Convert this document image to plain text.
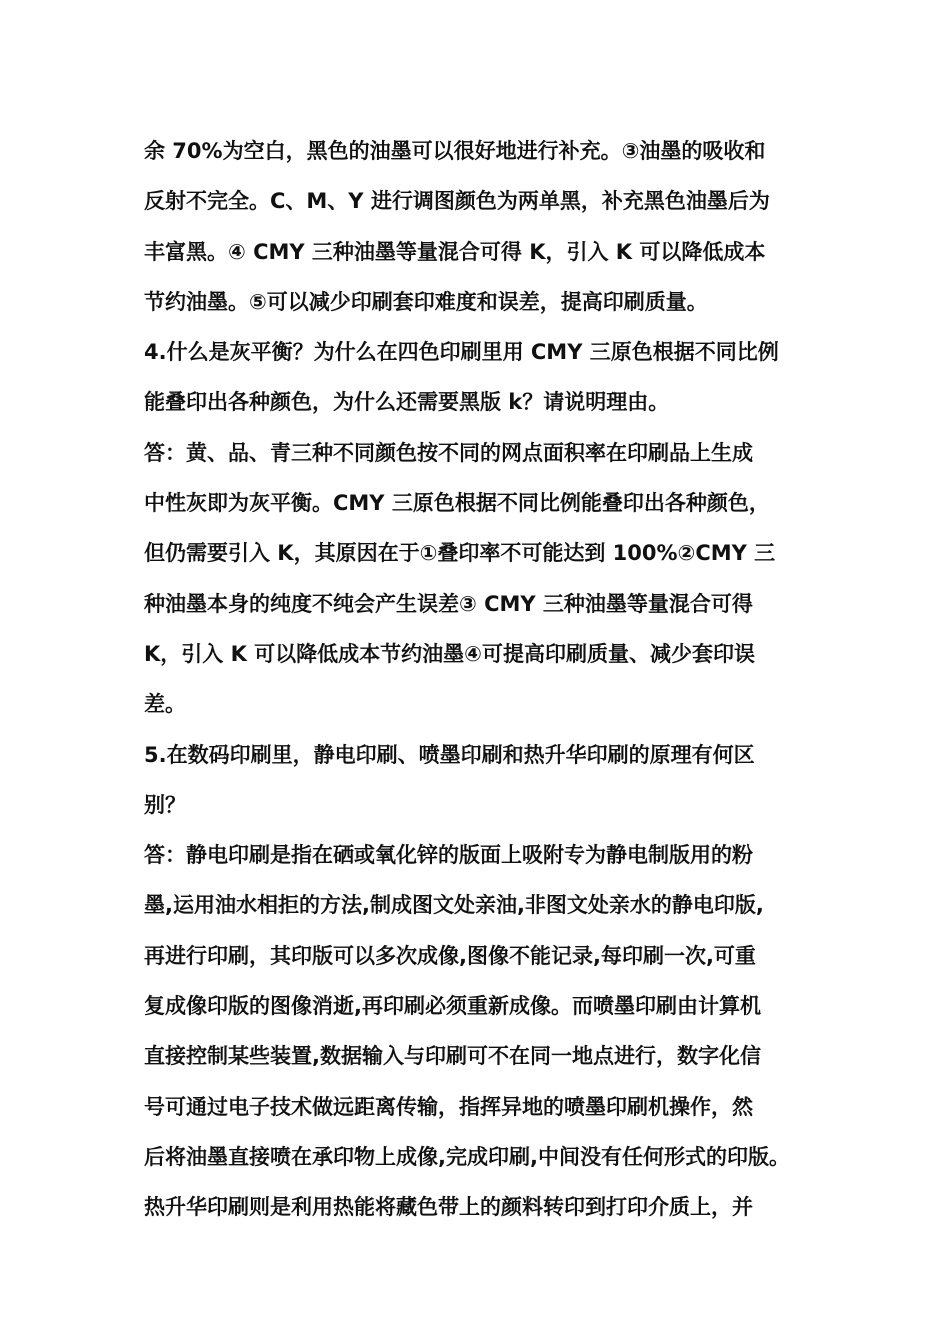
余 70%为空白，黑色的油墨可以很好地进行补充。③油墨的吸收和
反射不完全。C、M、Y 进行调图颜色为两单黑，补充黑色油墨后为
丰富黑。④ CMY 三种油墨等量混合可得 K，引入 K 可以降低成本
节约油墨。⑤可以减少印刷套印难度和误差，提高印刷质量。
4.什么是灰平衡？为什么在四色印刷里用 CMY 三原色根据不同比例
能叠印出各种颜色，为什么还需要黑版 k？请说明理由。
答：黄、品、青三种不同颜色按不同的网点面积率在印刷品上生成
中性灰即为灰平衡。CMY 三原色根据不同比例能叠印出各种颜色，
但仍需要引入 K，其原因在于①叠印率不可能达到 100%②CMY 三
种油墨本身的纯度不纯会产生误差③ CMY 三种油墨等量混合可得
K，引入 K 可以降低成本节约油墨④可提高印刷质量、减少套印误
差。
5.在数码印刷里，静电印刷、喷墨印刷和热升华印刷的原理有何区
别？
答：静电印刷是指在硒或氧化锌的版面上吸附专为静电制版用的粉
墨,运用油水相拒的方法,制成图文处亲油,非图文处亲水的静电印版,
再进行印刷，其印版可以多次成像,图像不能记录,每印刷一次,可重
复成像印版的图像消逝,再印刷必须重新成像。而喷墨印刷由计算机
直接控制某些装置,数据输入与印刷可不在同一地点进行，数字化信
号可通过电子技术做远距离传输，指挥异地的喷墨印刷机操作，然
后将油墨直接喷在承印物上成像,完成印刷,中间没有任何形式的印版。
热升华印刷则是利用热能将藏色带上的颜料转印到打印介质上，并
